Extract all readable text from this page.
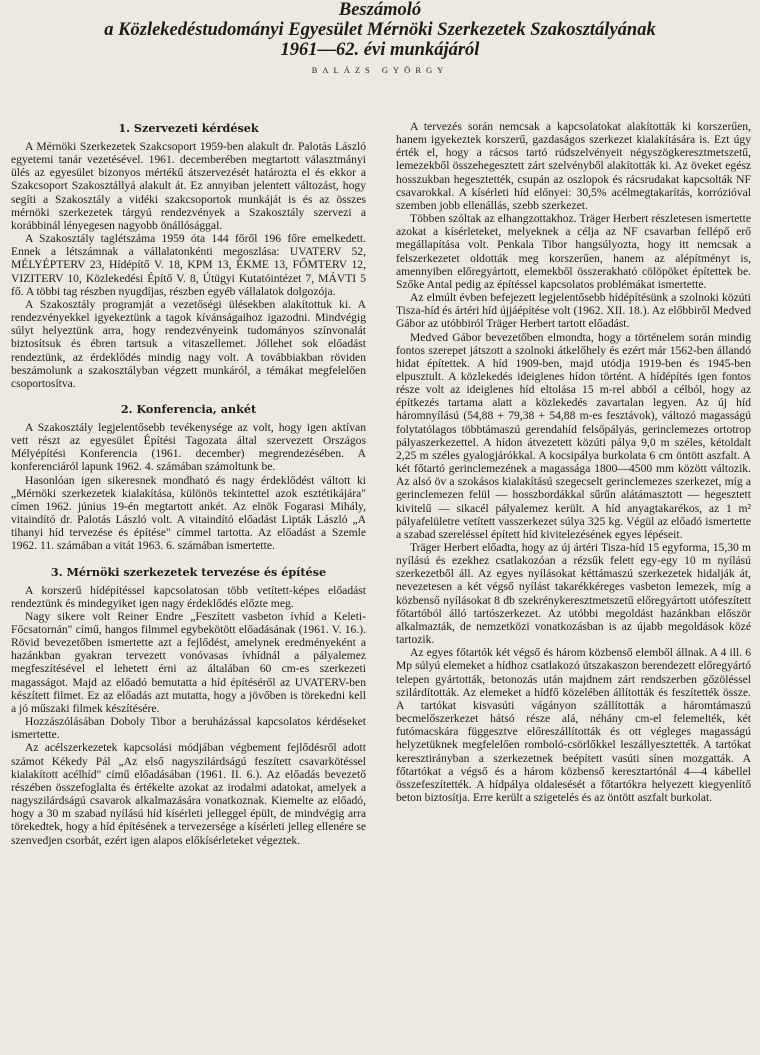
Beszámoló
a Közlekedéstudományi Egyesület Mérnöki Szerkezetek Szakosztályának
1961—62. évi munkájáról
BALÁZS GYÖRGY
1. Szervezeti kérdések
A Mérnöki Szerkezetek Szakcsoport 1959-ben alakult dr. Palotás László egyetemi tanár vezetésével. 1961. decemberében megtartott választmányi ülés az egyesület bizonyos mértékű átszervezését határozta el és ekkor a Szakcsoport Szakosztállyá alakult át. Ez annyiban jelentett változást, hogy segíti a Szakosztály a vidéki szakcsoportok munkáját is és az összes mérnöki szerkezetek tárgyú rendezvények a Szakosztály szervezi a korábbinál lényegesen nagyobb önállósággal.
A Szakosztály taglétszáma 1959 óta 144 főről 196 főre emelkedett. Ennek a létszámnak a vállalatonkénti megoszlása: UVATERV 52, MÉLYÉPTERV 23, Hídépítő V. 18, KPM 13, ÉKME 13, FŐMTERV 12, VIZITERV 10, Közlekedési Építő V. 8, Útügyi Kutatóintézet 7, MÁVTI 5 fő. A többi tag részben nyugdíjas, részben egyéb vállalatok dolgozója.
A Szakosztály programját a vezetőségi ülésekben alakítottuk ki. A rendezvényekkel igyekeztünk a tagok kívánságaihoz igazodni. Mindvégig súlyt helyeztünk arra, hogy rendezvényeink tudományos színvonalát biztosítsuk és ébren tartsuk a vitaszellemet. Jóllehet sok előadást rendeztünk, az érdeklődés mindig nagy volt. A továbbiakban röviden beszámolunk a szakosztályban végzett munkáról, a témákat megfelelően csoportosítva.
2. Konferencia, ankét
A Szakosztály legjelentősebb tevékenysége az volt, hogy igen aktívan vett részt az egyesület Építési Tagozata által szervezett Országos Mélyépítési Konferencia (1961. december) megrendezésében. A konferenciáról lapunk 1962. 4. számában számoltunk be.
Hasonlóan igen sikeresnek mondható és nagy érdeklődést váltott ki „Mérnöki szerkezetek kialakítása, különös tekintettel azok esztétikájára" címen 1962. június 19-én megtartott ankét. Az elnök Fogarasi Mihály, vitaindító dr. Palotás László volt. A vitaindító előadást Lipták László „A tihanyi híd tervezése és építése" címmel tartotta. Az előadást a Szemle 1962. 11. számában a vitát 1963. 6. számában ismertette.
3. Mérnöki szerkezetek tervezése és építése
A korszerű hídépítéssel kapcsolatosan több vetített-képes előadást rendeztünk és mindegyiket igen nagy érdeklődés előzte meg.
Nagy sikere volt Reiner Endre „Feszített vasbeton ívhíd a Keleti-Főcsatornán" című, hangos filmmel egybekötött előadásának (1961. V. 16.). Rövid bevezetőben ismertette azt a fejlődést, amelynek eredményeként a hazánkban gyakran tervezett vonóvasas ívhídnál a pályalemez megfeszítésével el lehetett érni az általában 60 cm-es szerkezeti magasságot. Majd az előadó bemutatta a híd építéséről az UVATERV-ben készített filmet. Ez az előadás azt mutatta, hogy a jövőben is törekedni kell a jó műszaki filmek készítésére.
Hozzászólásában Doboly Tibor a beruházással kapcsolatos kérdéseket ismertette.
Az acélszerkezetek kapcsolási módjában végbement fejlődésről adott számot Kékedy Pál „Az első nagyszilárdságú feszített csavarkötéssel kialakított acélhíd" című előadásában (1961. II. 6.). Az előadás bevezető részében összefoglalta és értékelte azokat az irodalmi adatokat, amelyek a nagyszilárdságú csavarok alkalmazására vonatkoznak. Kiemelte az előadó, hogy a 30 m szabad nyílású híd kísérleti jelleggel épült, de mindvégig arra törekedtek, hogy a híd építésének a tervezersége a kísérleti jelleg ellenére se szenvedjen csorbát, ezért igen alapos előkísérleteket végeztek.
A tervezés során nemcsak a kapcsolatokat alakították ki korszerűen, hanem igyekeztek korszerű, gazdaságos szerkezet kialakítására is. Ezt úgy érték el, hogy a rácsos tartó rúdszelvényeit négyszögkeresztmetszetű, lemezekből összehegesztett zárt szelvényből alakították ki. Az öveket egész hosszukban hegesztették, csupán az oszlopok és rácsrudakat kapcsolták NF csavarokkal. A kísérleti híd előnyei: 30,5% acélmegtakarítás, korrózióval szemben jobb ellenállás, szebb szerkezet.
Többen szóltak az elhangzottakhoz. Träger Herbert részletesen ismertette azokat a kísérleteket, melyeknek a célja az NF csavarban fellépő erő megállapítása volt. Penkala Tibor hangsúlyozta, hogy itt nemcsak a felszerkezetet oldották meg korszerűen, hanem az alépítményt is, amennyiben előregyártott, elemekből összerakható cölöpöket építettek be. Szőke Antal pedig az építéssel kapcsolatos problémákat ismertette.
Az elmúlt évben befejezett legjelentősebb hídépítésünk a szolnoki közúti Tisza-híd és ártéri híd újjáépítése volt (1962. XII. 18.). Az előbbiről Medved Gábor az utóbbiról Träger Herbert tartott előadást.
Medved Gábor bevezetőben elmondta, hogy a történelem során mindig fontos szerepet játszott a szolnoki átkelőhely és ezért már 1562-ben állandó hidat építettek. A híd 1909-ben, majd utódja 1919-ben és 1945-ben elpusztult. A közlekedés ideiglenes hídon történt. A hídépítés igen fontos része volt az ideiglenes híd eltolása 15 m-rel abból a célból, hogy az építkezés tartama alatt a közlekedés zavartalan legyen. Az új híd háromnyílású (54,88 + 79,38 + 54,88 m-es fesztávok), változó magasságú folytatólagos többtámaszú gerendahíd felsőpályás, gerinclemezes ortotrop pályaszerkezettel. A hídon átvezetett közúti pálya 9,0 m széles, kétoldalt 2,25 m széles gyalogjárókkal. A kocsipálya burkolata 6 cm öntött aszfalt. A két főtartó gerinclemezének a magassága 1800—4500 mm között változik. Az alsó öv a szokásos kialakítású szegecselt gerinclemezes szerkezet, míg a gerinclemezen felül — hosszbordákkal sűrűn alátámasztott — hegesztett kivitelű — sikacél pályalemez került. A híd anyagtakarékos, az 1 m² pályafelületre vetített vasszerkezet súlya 325 kg. Végül az előadó ismertette a szabad szereléssel épített híd kivitelezésének egyes lépéseit.
Träger Herbert előadta, hogy az új ártéri Tisza-híd 15 egyforma, 15,30 m nyílású és ezekhez csatlakozóan a rézsűk felett egy-egy 10 m nyílású szerkezetből áll. Az egyes nyílásokat kéttámaszú szerkezetek hidalják át, nevezetesen a két végső nyílást takarékkéreges vasbeton lemezek, míg a közbenső nyílásokat 8 db szekrénykeresztmetszetű előregyártott utófeszített főtartóból álló tartószerkezet. Az utóbbi megoldást hazánkban először alkalmazták, de nemzetközi vonatkozásban is az újabb megoldások közé tartozik.
Az egyes főtartók két végső és három közbenső elemből állnak. A 4 ill. 6 Mp súlyú elemeket a hídhoz csatlakozó útszakaszon berendezett előregyártó telepen gyártották, betonozás után majdnem zárt rendszerben gőzöléssel szilárdították. Az elemeket a hídfő közelében állították és feszítették össze. A tartókat kisvasúti vágányon szállították a háromtámaszú becmelőszerkezet hátsó része alá, néhány cm-el felemelték, két futómacskára függesztve előreszállították és ott végleges magasságú helyzetüknek megfelelően romboló-csörlőkkel leszállyesztették. A tartókat keresztirányban a szerkezetnek beépített vasúti sínen mozgatták. A főtartókat a végső és a három közbenső keresztartónál 4—4 kábellel összefeszítették. A hídpálya oldalesését a főtartókra helyezett kiegyenlítő beton biztosítja. Erre került a szigetelés és az öntött aszfalt burkolat.
